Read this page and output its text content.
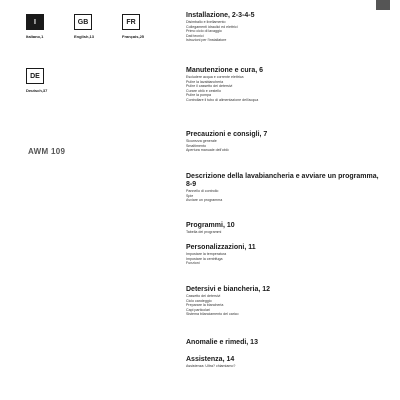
I
Italiano,1
GB
English,13
FR
Français,25
DE
Deutsch,37
AWM 109
Installazione, 2-3-4-5
Disimballo e livellamento
Collegamenti idraulici ed elettrici
Primo ciclo di lavaggio
Dati tecnici
Istruzioni per l'installatore
Manutenzione e cura, 6
Escludere acqua e corrente elettrica
Pulire la lavabiancheria
Pulire il cassetto dei detersivi
Curare oblò e cestello
Pulire la pompa
Controllare il tubo di alimentazione dell'acqua
Precauzioni e consigli, 7
Sicurezza generale
Smaltimento
Apertura manuale dell'oblò
Descrizione della lavabiancheria e avviare un programma, 8-9
Pannello di controllo
Spie
Avviare un programma
Programmi, 10
Tabella dei programmi
Personalizzazioni, 11
Impostare la temperatura
Impostare la centrifuga
Funzioni
Detersivi e biancheria, 12
Cassetto dei detersivi
Ciclo candeggio
Preparare la biancheria
Capi particolari
Sistema bilanciamento del carico
Anomalie e rimedi, 13
Assistenza, 14
Assistenza: Ultra? chiamiamo?
